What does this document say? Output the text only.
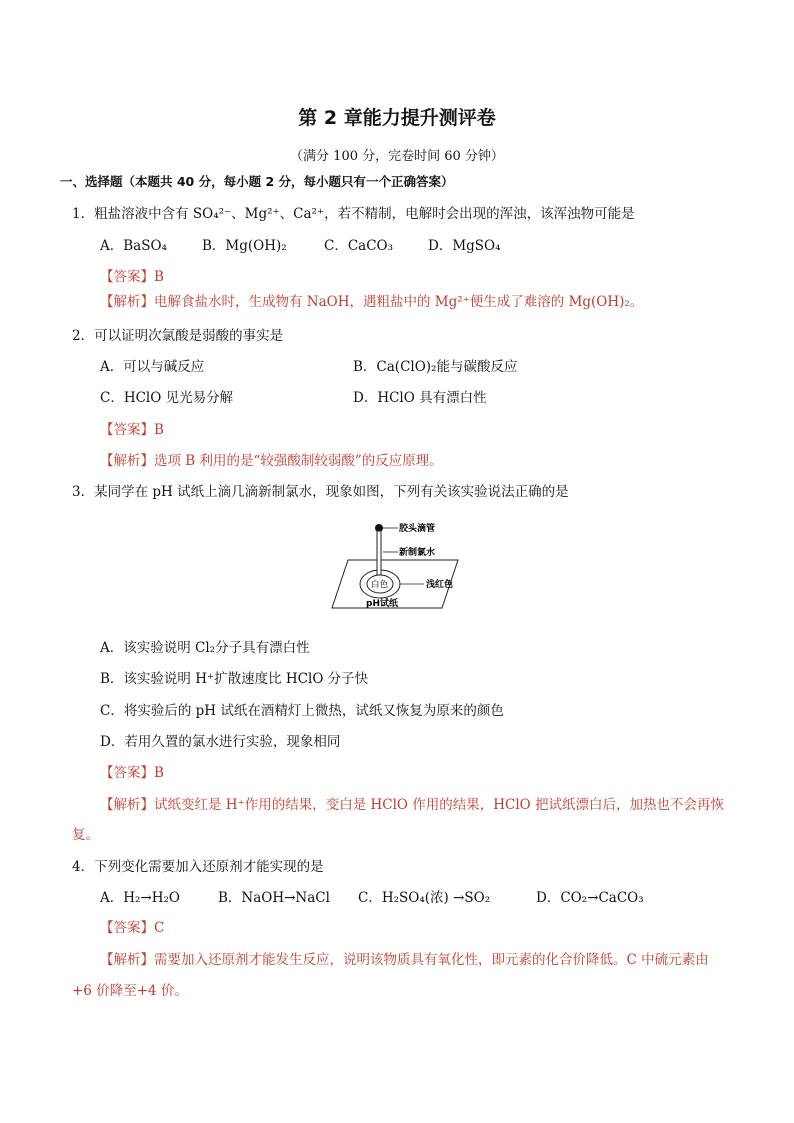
第 2 章能力提升测评卷
（满分 100 分，完卷时间 60 分钟）
一、选择题（本题共 40 分，每小题 2 分，每小题只有一个正确答案）
1．粗盐溶液中含有 SO₄²⁻、Mg²⁺、Ca²⁺，若不精制，电解时会出现的浑浊，该浑浊物可能是
A．BaSO₄	B．Mg(OH)₂	C．CaCO₃	D．MgSO₄
【答案】B
【解析】电解食盐水时，生成物有 NaOH，遇粗盐中的 Mg²⁺便生成了难溶的 Mg(OH)₂。
2．可以证明次氯酸是弱酸的事实是
A．可以与碱反应	B．Ca(ClO)₂能与碳酸反应
C．HClO 见光易分解	D．HClO 具有漂白性
【答案】B
【解析】选项 B 利用的是“较强酸制较弱酸”的反应原理。
3．某同学在 pH 试纸上滴几滴新制氯水，现象如图，下列有关该实验说法正确的是
胶头滴管
新制氯水
白色	浅红色
pH试纸
A．该实验说明 Cl₂分子具有漂白性
B．该实验说明 H⁺扩散速度比 HClO 分子快
C．将实验后的 pH 试纸在酒精灯上微热，试纸又恢复为原来的颜色
D．若用久置的氯水进行实验，现象相同
【答案】B
【解析】试纸变红是 H⁺作用的结果，变白是 HClO 作用的结果，HClO 把试纸漂白后，加热也不会再恢
复。
4．下列变化需要加入还原剂才能实现的是
A．H₂→H₂O	B．NaOH→NaCl C．H₂SO₄(浓) →SO₂	D．CO₂→CaCO₃
【答案】C
【解析】需要加入还原剂才能发生反应，说明该物质具有氧化性，即元素的化合价降低。C 中硫元素由
+6 价降至+4 价。
